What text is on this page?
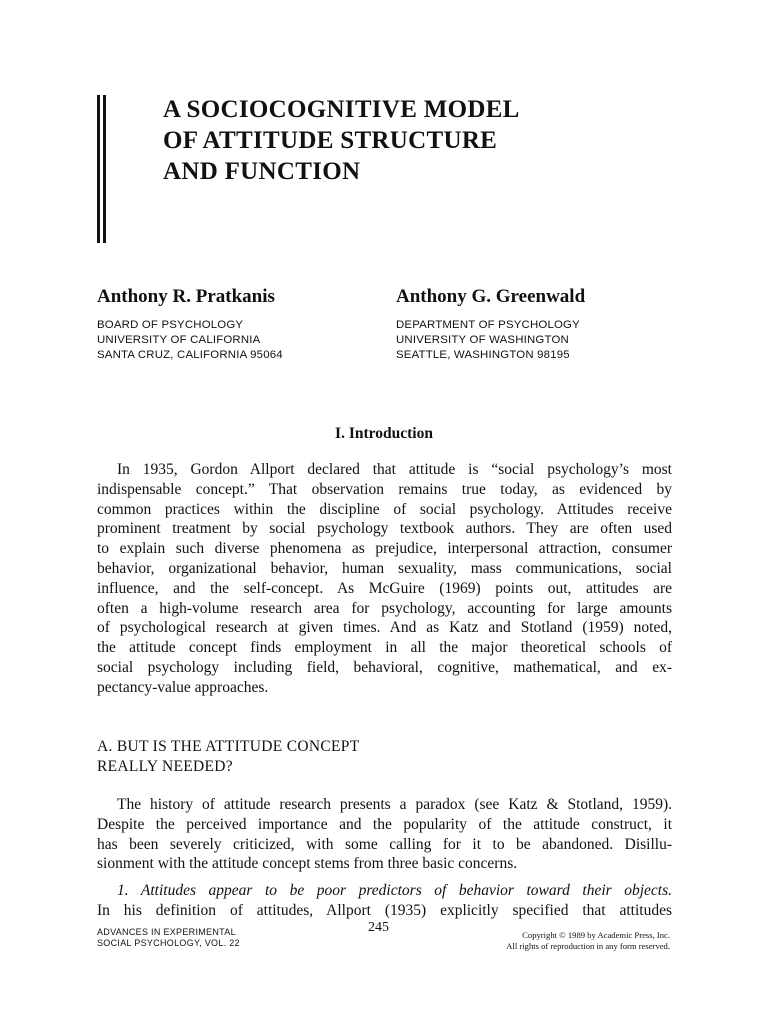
A SOCIOCOGNITIVE MODEL
OF ATTITUDE STRUCTURE
AND FUNCTION
Anthony R. Pratkanis	Anthony G. Greenwald
BOARD OF PSYCHOLOGY
UNIVERSITY OF CALIFORNIA
SANTA CRUZ, CALIFORNIA 95064
DEPARTMENT OF PSYCHOLOGY
UNIVERSITY OF WASHINGTON
SEATTLE, WASHINGTON 98195
I. Introduction
In 1935, Gordon Allport declared that attitude is “social psychology’s most
indispensable concept.” That observation remains true today, as evidenced by
common practices within the discipline of social psychology. Attitudes receive
prominent treatment by social psychology textbook authors. They are often used
to explain such diverse phenomena as prejudice, interpersonal attraction, consumer
behavior, organizational behavior, human sexuality, mass communications, social
influence, and the self-concept. As McGuire (1969) points out, attitudes are
often a high-volume research area for psychology, accounting for large amounts
of psychological research at given times. And as Katz and Stotland (1959) noted,
the attitude concept finds employment in all the major theoretical schools of
social psychology including field, behavioral, cognitive, mathematical, and ex-
pectancy-value approaches.
A. BUT IS THE ATTITUDE CONCEPT
REALLY NEEDED?
The history of attitude research presents a paradox (see Katz & Stotland, 1959).
Despite the perceived importance and the popularity of the attitude construct, it
has been severely criticized, with some calling for it to be abandoned. Disillu-
sionment with the attitude concept stems from three basic concerns.
1. Attitudes appear to be poor predictors of behavior toward their objects.
In his definition of attitudes, Allport (1935) explicitly specified that attitudes
ADVANCES IN EXPERIMENTAL
SOCIAL PSYCHOLOGY, VOL. 22
245	Copyright © 1989 by Academic Press, Inc.
All rights of reproduction in any form reserved.
